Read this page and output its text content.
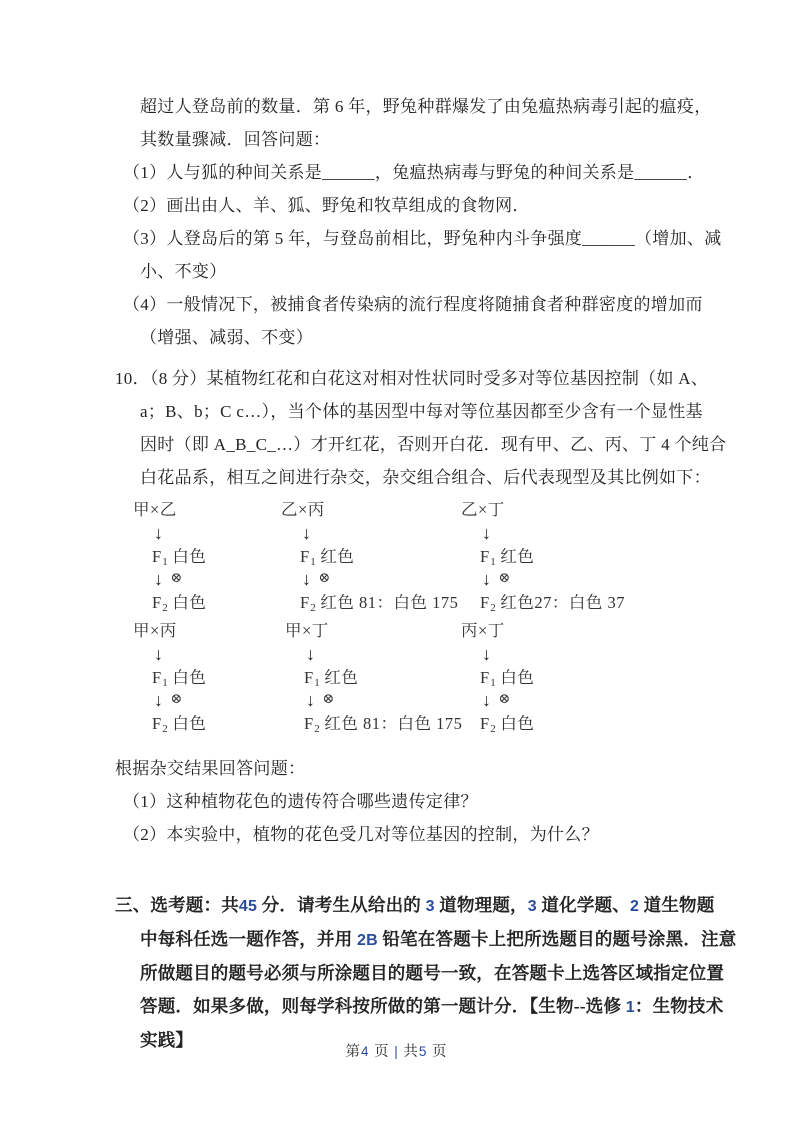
超过人登岛前的数量．第 6 年，野兔种群爆发了由兔瘟热病毒引起的瘟疫，
其数量骤减．回答问题：
（1）人与狐的种间关系是______，兔瘟热病毒与野兔的种间关系是______．
（2）画出由人、羊、狐、野兔和牧草组成的食物网．
（3）人登岛后的第 5 年，与登岛前相比，野兔种内斗争强度______（增加、减
小、不变）
（4）一般情况下，被捕食者传染病的流行程度将随捕食者种群密度的增加而
（增强、减弱、不变）
10．（8 分）某植物红花和白花这对相对性状同时受多对等位基因控制（如 A、
a；B、b；C c…），当个体的基因型中每对等位基因都至少含有一个显性基
因时（即 A_B_C_…）才开红花，否则开白花．现有甲、乙、丙、丁 4 个纯合
白花品系，相互之间进行杂交，杂交组合组合、后代表现型及其比例如下：
甲×乙
↓
$F_1$ 白色
↓ ⊗
$F_2$ 白色
乙×丙
↓
$F_1$ 红色
↓ ⊗
$F_2$ 红色 81：白色 175
乙×丁
↓
$F_1$ 红色
↓ ⊗
$F_2$ 红色27：白色 37
甲×丙
↓
$F_1$ 白色
↓ ⊗
$F_2$ 白色
甲×丁
↓
$F_1$ 红色
↓ ⊗
$F_2$ 红色 81：白色 175
丙×丁
↓
$F_1$ 白色
↓ ⊗
$F_2$ 白色
根据杂交结果回答问题：
（1）这种植物花色的遗传符合哪些遗传定律？
（2）本实验中，植物的花色受几对等位基因的控制，为什么？
三、选考题：共45 分．请考生从给出的 3 道物理题，3 道化学题、2 道生物题
中每科任选一题作答，并用 2B 铅笔在答题卡上把所选题目的题号涂黑．注意
所做题目的题号必须与所涂题目的题号一致，在答题卡上选答区域指定位置
答题．如果多做，则每学科按所做的第一题计分．【生物--选修 1：生物技术
实践】
第4 页 | 共5 页
